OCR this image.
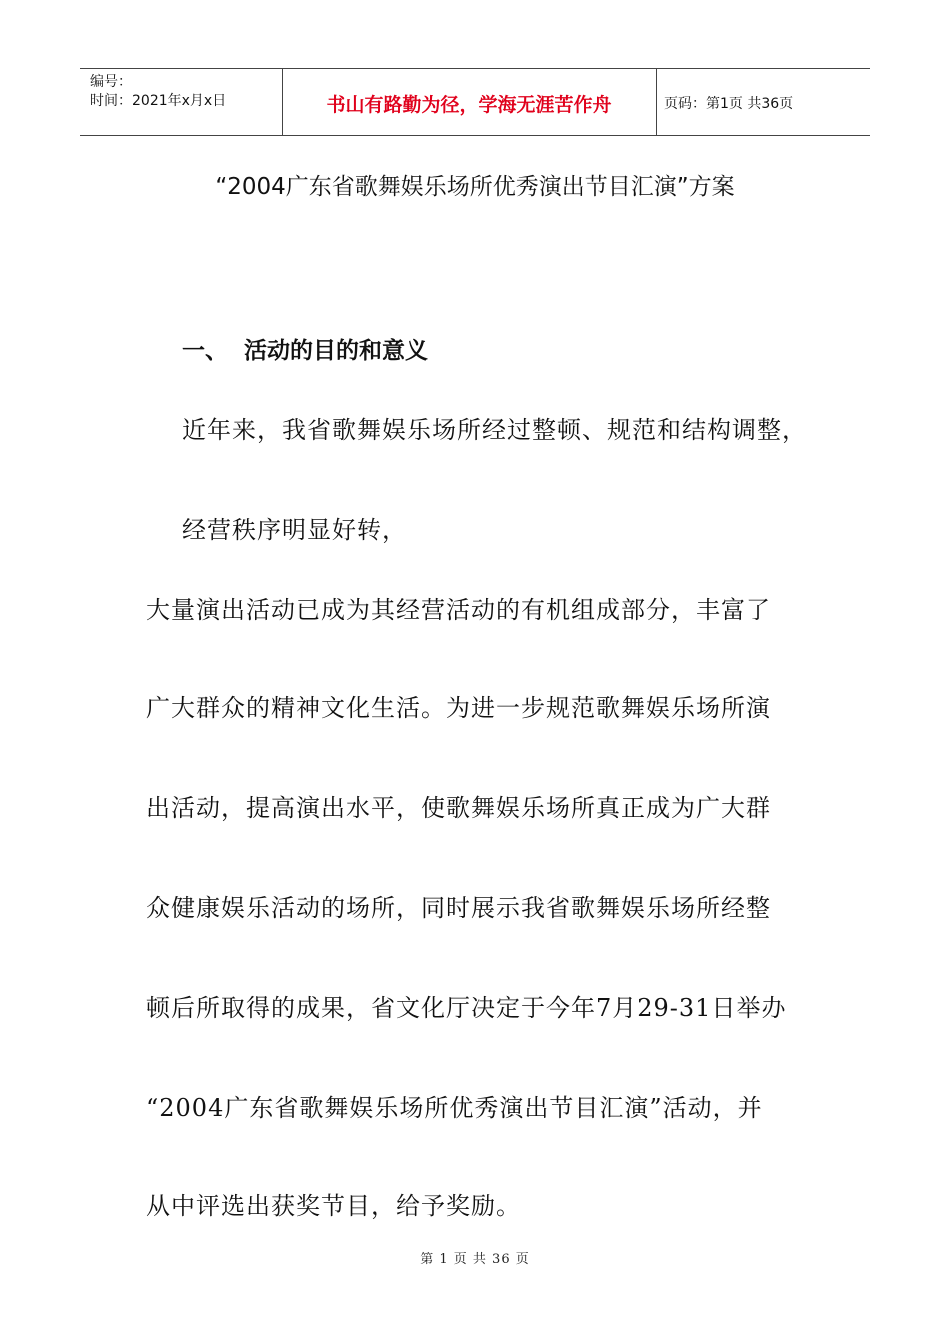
编号：
时间：2021年x月x日	书山有路勤为径，学海无涯苦作舟	页码：第1页 共36页
“2004广东省歌舞娱乐场所优秀演出节目汇演”方案
一、 活动的目的和意义
近年来，我省歌舞娱乐场所经过整顿、规范和结构调整，
经营秩序明显好转，
大量演出活动已成为其经营活动的有机组成部分，丰富了
广大群众的精神文化生活。为进一步规范歌舞娱乐场所演
出活动，提高演出水平，使歌舞娱乐场所真正成为广大群
众健康娱乐活动的场所，同时展示我省歌舞娱乐场所经整
顿后所取得的成果，省文化厅决定于今年7月29-31日举办
“2004广东省歌舞娱乐场所优秀演出节目汇演”活动，并
从中评选出获奖节目，给予奖励。
第 1 页 共 36 页
